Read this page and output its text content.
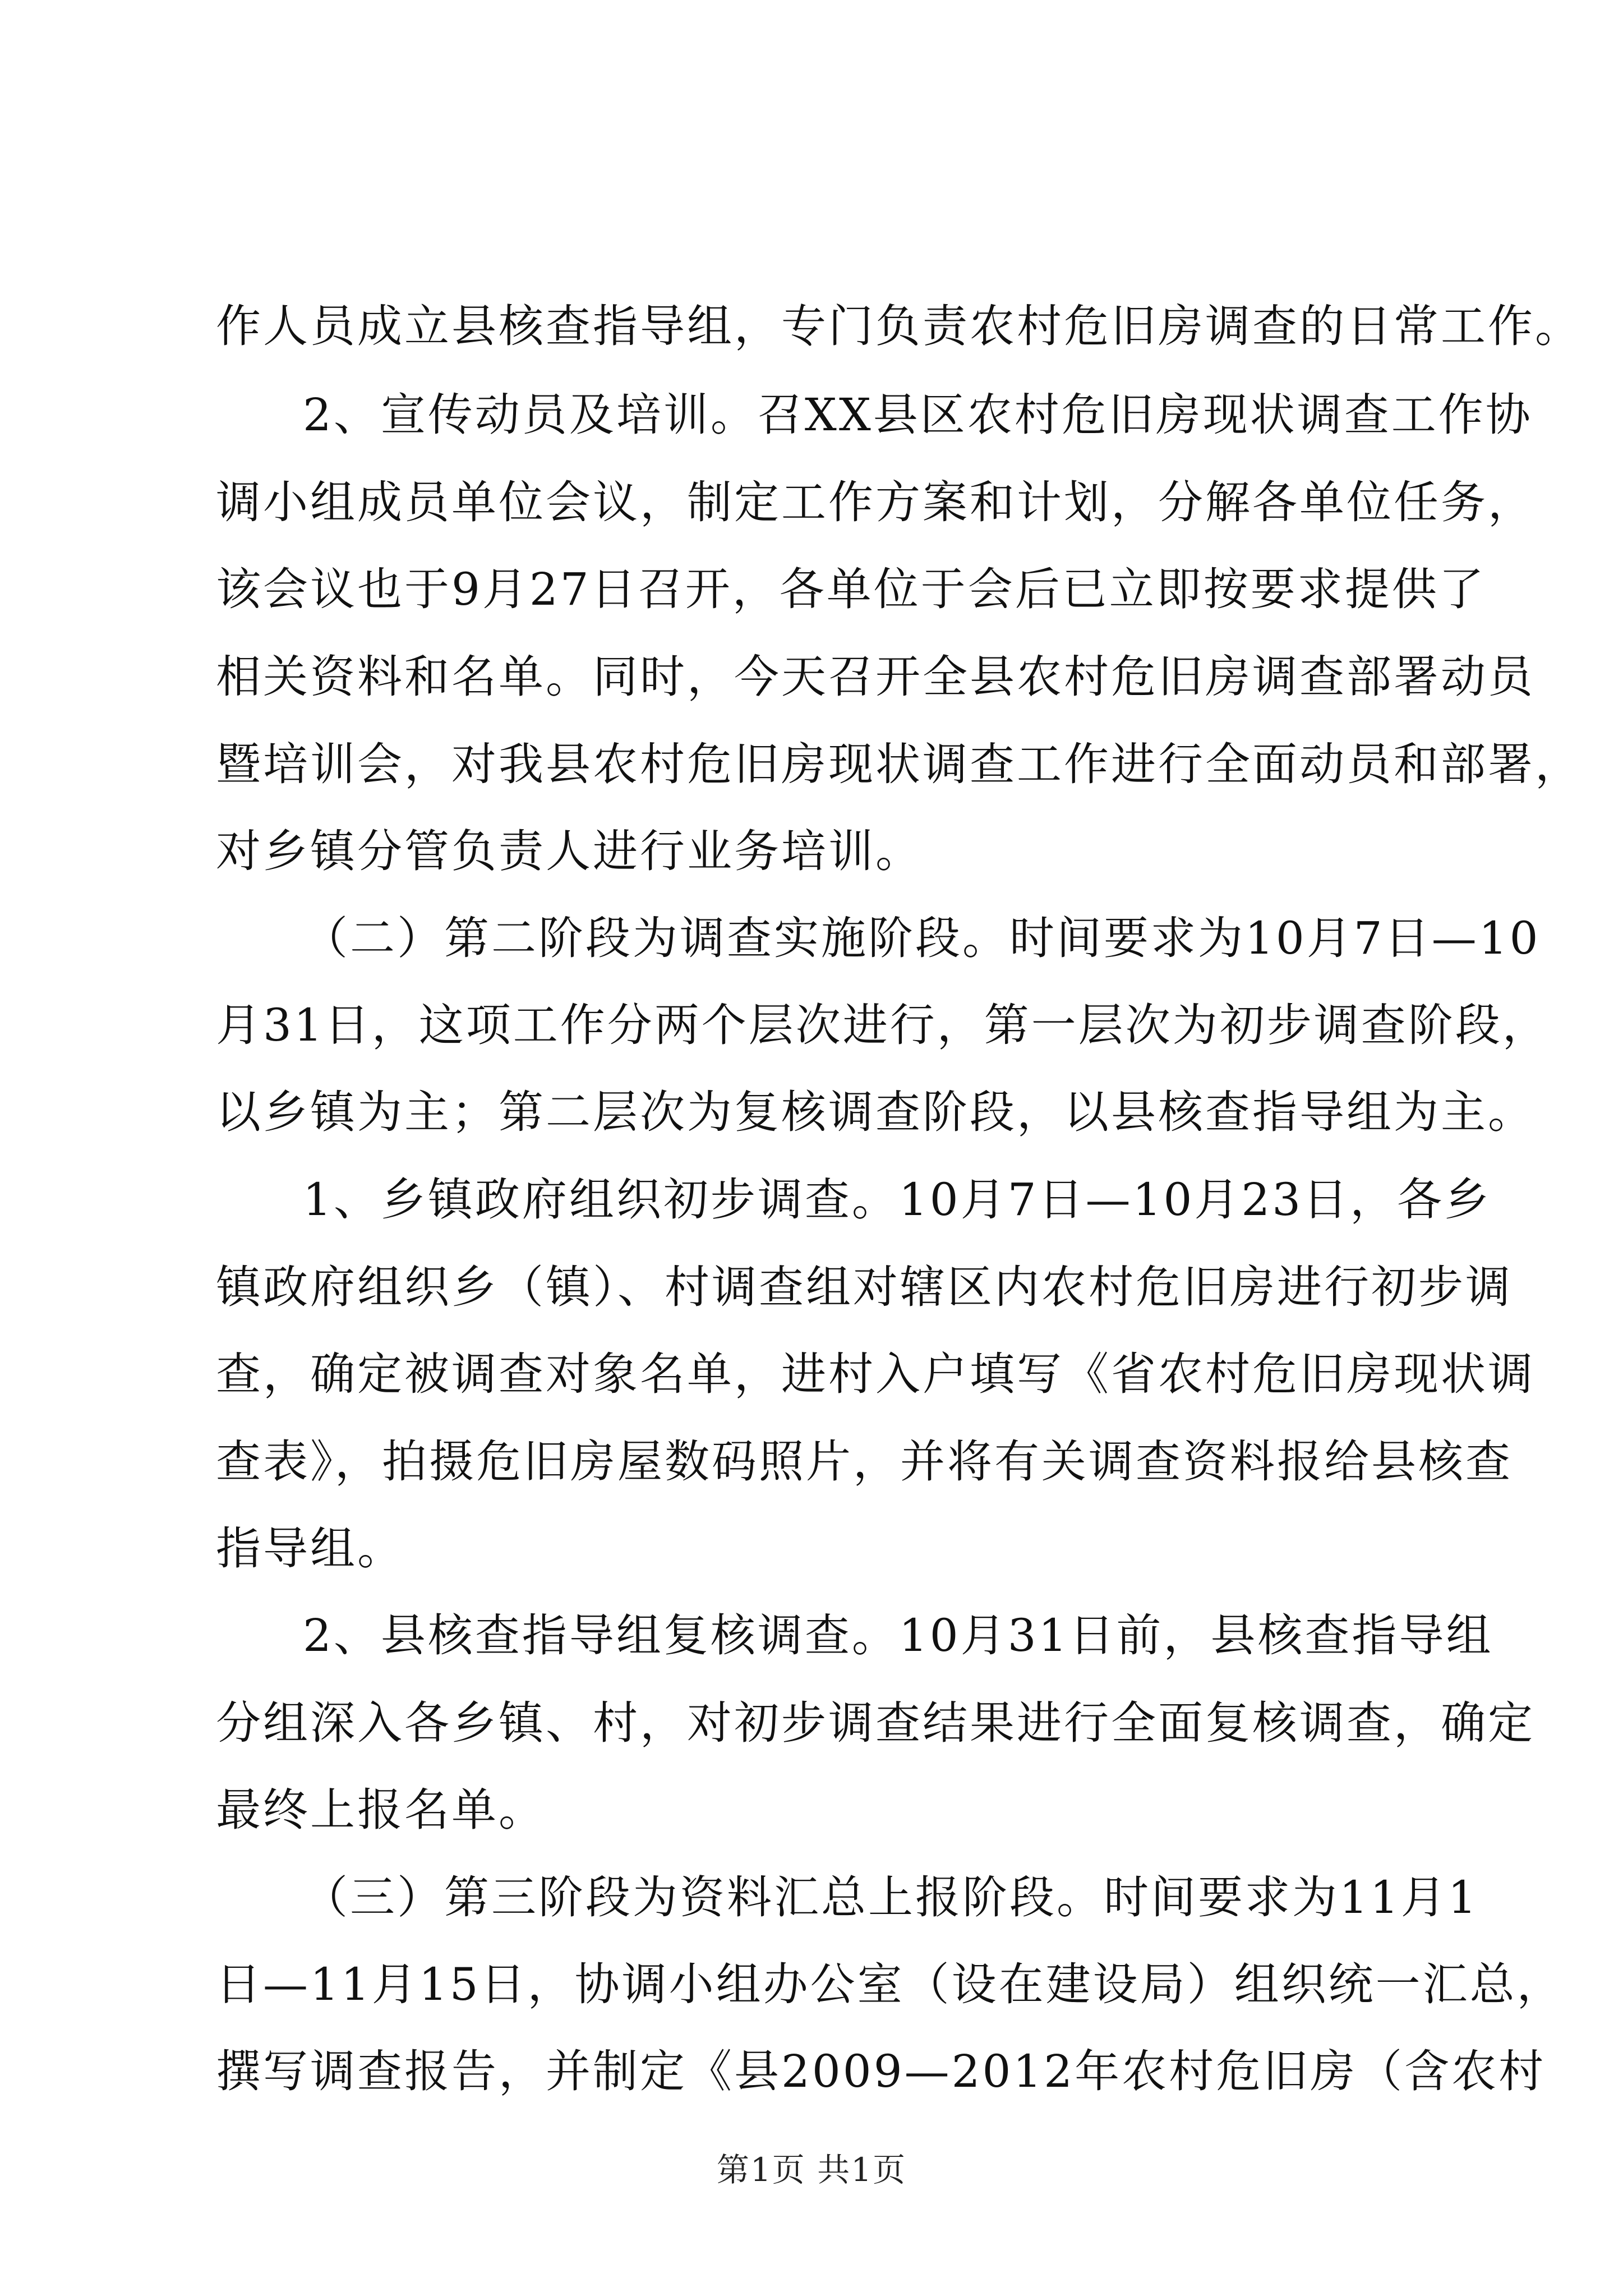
作人员成立县核查指导组，专门负责农村危旧房调查的日常工作。
2、宣传动员及培训。召XX县区农村危旧房现状调查工作协
调小组成员单位会议，制定工作方案和计划，分解各单位任务，
该会议也于9月27日召开，各单位于会后已立即按要求提供了
相关资料和名单。同时，今天召开全县农村危旧房调查部署动员
暨培训会，对我县农村危旧房现状调查工作进行全面动员和部署，
对乡镇分管负责人进行业务培训。
（二）第二阶段为调查实施阶段。时间要求为10月7日—10
月31日，这项工作分两个层次进行，第一层次为初步调查阶段，
以乡镇为主；第二层次为复核调查阶段，以县核查指导组为主。
1、乡镇政府组织初步调查。10月7日—10月23日，各乡
镇政府组织乡（镇）、村调查组对辖区内农村危旧房进行初步调
查，确定被调查对象名单，进村入户填写《省农村危旧房现状调
查表》，拍摄危旧房屋数码照片，并将有关调查资料报给县核查
指导组。
2、县核查指导组复核调查。10月31日前，县核查指导组
分组深入各乡镇、村，对初步调查结果进行全面复核调查，确定
最终上报名单。
（三）第三阶段为资料汇总上报阶段。时间要求为11月1
日—11月15日，协调小组办公室（设在建设局）组织统一汇总，
撰写调查报告，并制定《县2009—2012年农村危旧房（含农村
第1页 共1页
